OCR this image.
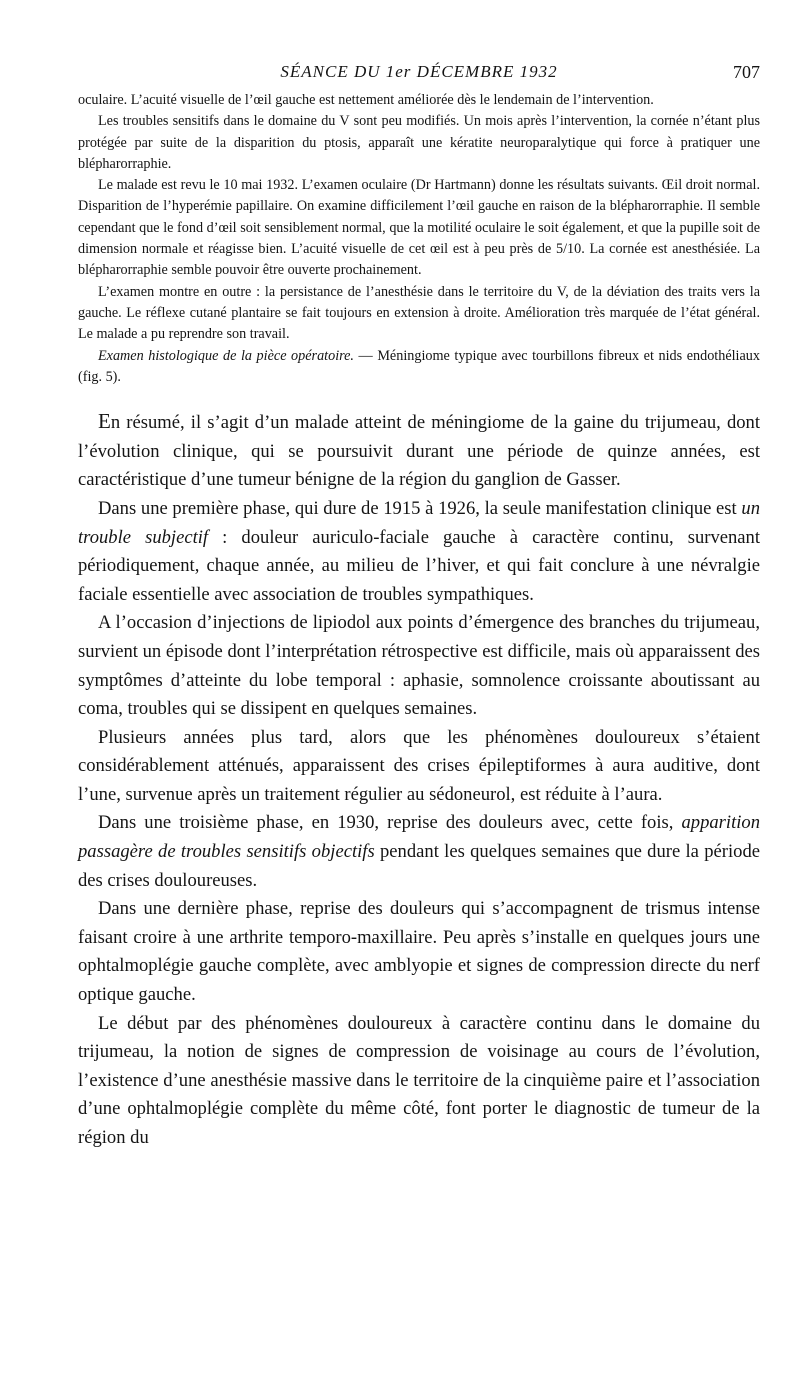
SÉANCE DU 1er DÉCEMBRE 1932	707

oculaire. L’acuité visuelle de l’œil gauche est nettement améliorée dès le lendemain de l’intervention.

Les troubles sensitifs dans le domaine du V sont peu modifiés. Un mois après l’intervention, la cornée n’étant plus protégée par suite de la disparition du ptosis, apparaît une kératite neuroparalytique qui force à pratiquer une blépharorraphie.

Le malade est revu le 10 mai 1932. L’examen oculaire (Dr Hartmann) donne les résultats suivants. Œil droit normal. Disparition de l’hyperémie papillaire. On examine difficilement l’œil gauche en raison de la blépharorraphie. Il semble cependant que le fond d’œil soit sensiblement normal, que la motilité oculaire le soit également, et que la pupille soit de dimension normale et réagisse bien. L’acuité visuelle de cet œil est à peu près de 5/10. La cornée est anesthésiée. La blépharorraphie semble pouvoir être ouverte prochainement.

L’examen montre en outre : la persistance de l’anesthésie dans le territoire du V, de la déviation des traits vers la gauche. Le réflexe cutané plantaire se fait toujours en extension à droite. Amélioration très marquée de l’état général. Le malade a pu reprendre son travail.

Examen histologique de la pièce opératoire. — Méningiome typique avec tourbillons fibreux et nids endothéliaux (fig. 5).

En résumé, il s’agit d’un malade atteint de méningiome de la gaine du trijumeau, dont l’évolution clinique, qui se poursuivit durant une période de quinze années, est caractéristique d’une tumeur bénigne de la région du ganglion de Gasser.

Dans une première phase, qui dure de 1915 à 1926, la seule manifestation clinique est un trouble subjectif : douleur auriculo-faciale gauche à caractère continu, survenant périodiquement, chaque année, au milieu de l’hiver, et qui fait conclure à une névralgie faciale essentielle avec association de troubles sympathiques.

A l’occasion d’injections de lipiodol aux points d’émergence des branches du trijumeau, survient un épisode dont l’interprétation rétrospective est difficile, mais où apparaissent des symptômes d’atteinte du lobe temporal : aphasie, somnolence croissante aboutissant au coma, troubles qui se dissipent en quelques semaines.

Plusieurs années plus tard, alors que les phénomènes douloureux s’étaient considérablement atténués, apparaissent des crises épileptiformes à aura auditive, dont l’une, survenue après un traitement régulier au sédoneurol, est réduite à l’aura.

Dans une troisième phase, en 1930, reprise des douleurs avec, cette fois, apparition passagère de troubles sensitifs objectifs pendant les quelques semaines que dure la période des crises douloureuses.

Dans une dernière phase, reprise des douleurs qui s’accompagnent de trismus intense faisant croire à une arthrite temporo-maxillaire. Peu après s’installe en quelques jours une ophtalmoplégie gauche complète, avec amblyopie et signes de compression directe du nerf optique gauche.

Le début par des phénomènes douloureux à caractère continu dans le domaine du trijumeau, la notion de signes de compression de voisinage au cours de l’évolution, l’existence d’une anesthésie massive dans le territoire de la cinquième paire et l’association d’une ophtalmoplégie complète du même côté, font porter le diagnostic de tumeur de la région du
